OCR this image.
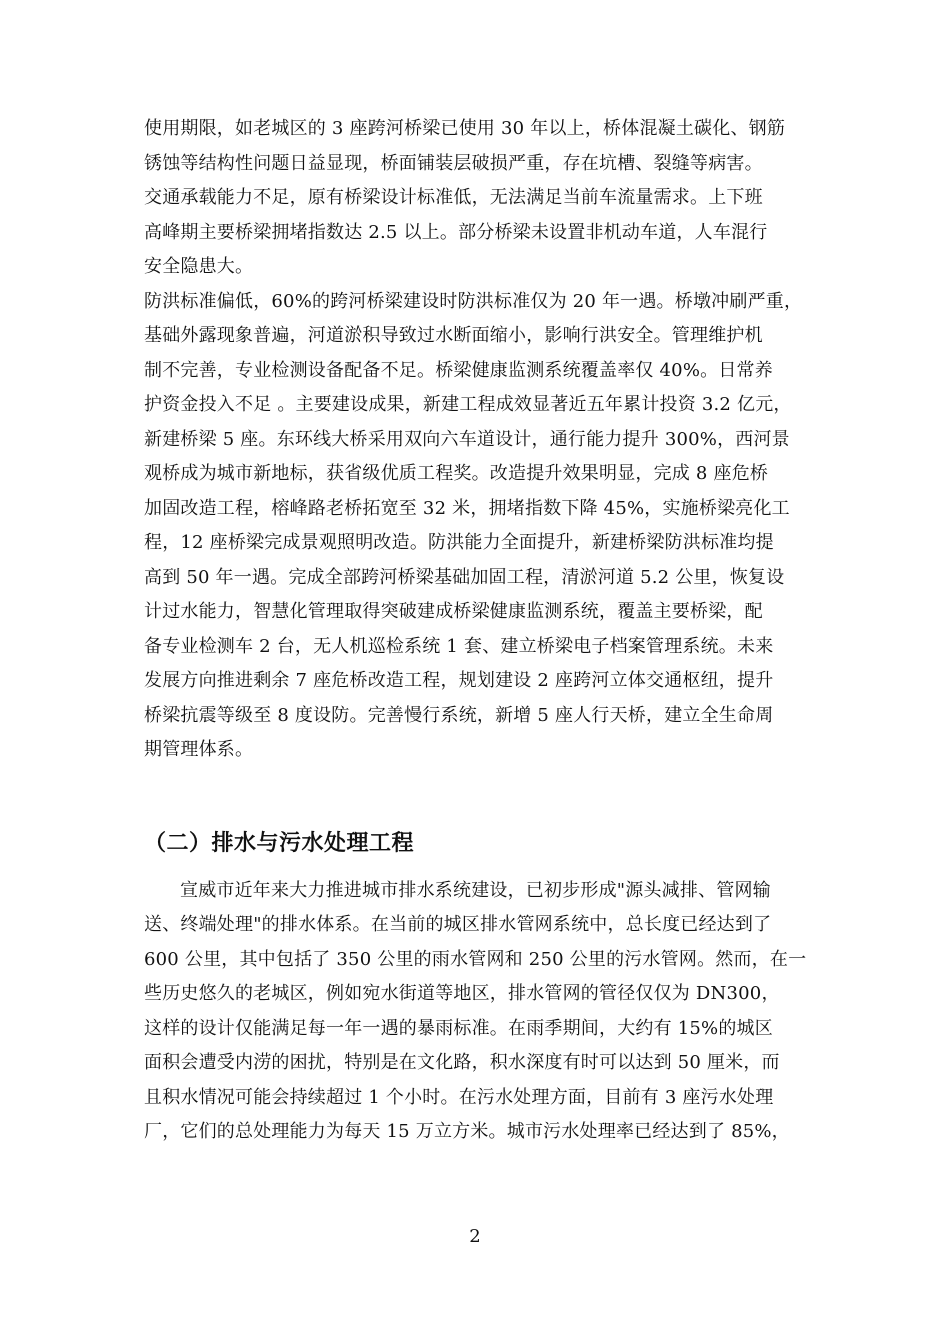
使用期限，如老城区的 3 座跨河桥梁已使用 30 年以上，桥体混凝土碳化、钢筋
锈蚀等结构性问题日益显现，桥面铺装层破损严重，存在坑槽、裂缝等病害。
交通承载能力不足，原有桥梁设计标准低，无法满足当前车流量需求。上下班
高峰期主要桥梁拥堵指数达 2.5 以上。部分桥梁未设置非机动车道，人车混行
安全隐患大。
防洪标准偏低，60%的跨河桥梁建设时防洪标准仅为 20 年一遇。桥墩冲刷严重，
基础外露现象普遍，河道淤积导致过水断面缩小，影响行洪安全。管理维护机
制不完善，专业检测设备配备不足。桥梁健康监测系统覆盖率仅 40%。日常养
护资金投入不足 。主要建设成果，新建工程成效显著近五年累计投资 3.2 亿元，
新建桥梁 5 座。东环线大桥采用双向六车道设计，通行能力提升 300%，西河景
观桥成为城市新地标，获省级优质工程奖。改造提升效果明显，完成 8 座危桥
加固改造工程，榕峰路老桥拓宽至 32 米，拥堵指数下降 45%，实施桥梁亮化工
程，12 座桥梁完成景观照明改造。防洪能力全面提升，新建桥梁防洪标准均提
高到 50 年一遇。完成全部跨河桥梁基础加固工程，清淤河道 5.2 公里，恢复设
计过水能力，智慧化管理取得突破建成桥梁健康监测系统，覆盖主要桥梁，配
备专业检测车 2 台，无人机巡检系统 1 套、建立桥梁电子档案管理系统。未来
发展方向推进剩余 7 座危桥改造工程，规划建设 2 座跨河立体交通枢纽，提升
桥梁抗震等级至 8 度设防。完善慢行系统，新增 5 座人行天桥，建立全生命周
期管理体系。
（二）排水与污水处理工程
宣威市近年来大力推进城市排水系统建设，已初步形成"源头减排、管网输
送、终端处理"的排水体系。在当前的城区排水管网系统中，总长度已经达到了
600 公里，其中包括了 350 公里的雨水管网和 250 公里的污水管网。然而，在一
些历史悠久的老城区，例如宛水街道等地区，排水管网的管径仅仅为 DN300，
这样的设计仅能满足每一年一遇的暴雨标准。在雨季期间，大约有 15%的城区
面积会遭受内涝的困扰，特别是在文化路，积水深度有时可以达到 50 厘米，而
且积水情况可能会持续超过 1 个小时。在污水处理方面，目前有 3 座污水处理
厂，它们的总处理能力为每天 15 万立方米。城市污水处理率已经达到了 85%，
2
